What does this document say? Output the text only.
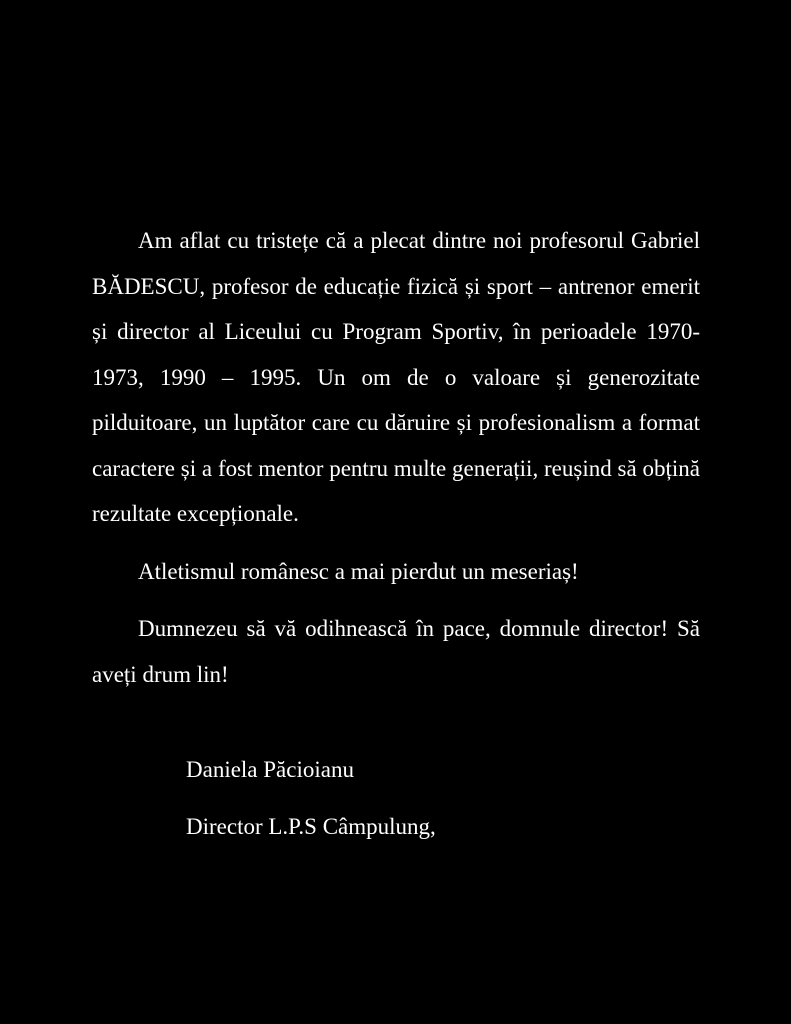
Am aflat cu tristețe că a plecat dintre noi profesorul Gabriel BĂDESCU, profesor de educație fizică și sport – antrenor emerit și director al Liceului cu Program Sportiv, în perioadele 1970-1973, 1990 – 1995. Un om de o valoare și generozitate pilduitoare, un luptător care cu dăruire și profesionalism a format caractere și a fost mentor pentru multe generații, reușind să obțină rezultate excepționale.

Atletismul românesc a mai pierdut un meseriaș!

Dumnezeu să vă odihnească în pace, domnule director! Să aveți drum lin!

Daniela Păcioianu
Director L.P.S Câmpulung,
